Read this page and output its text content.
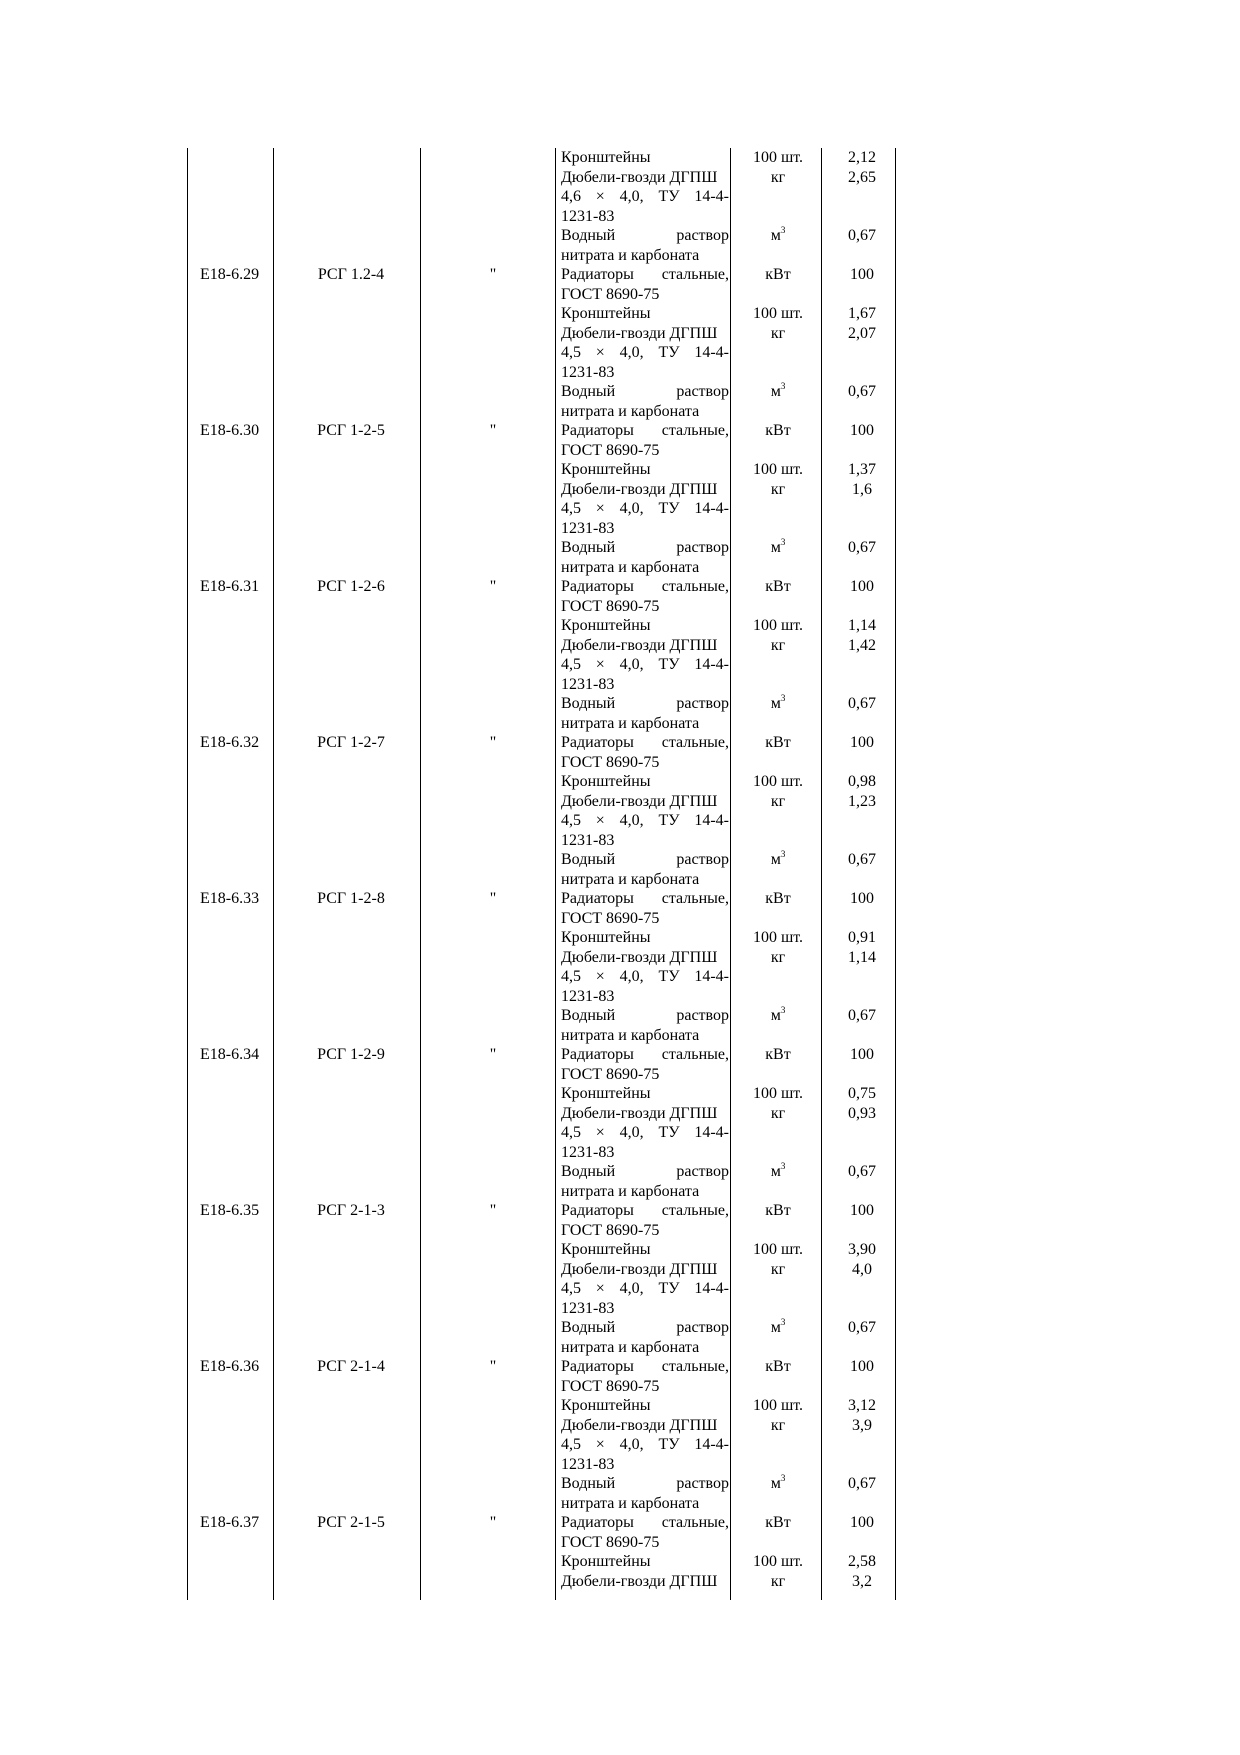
Кронштейны	100 шт.	2,12
Дюбели-гвозди ДГПШ	кг	2,65
4,6 × 4,0, ТУ 14-4-
1231-83
Водный раствор	$м^3$	0,67
нитрата и карбоната
Е18-6.29	РСГ 1.2-4	"	Радиаторы стальные,	кВт	100
ГОСТ 8690-75
Кронштейны	100 шт.	1,67
Дюбели-гвозди ДГПШ	кг	2,07
4,5 × 4,0, ТУ 14-4-
1231-83
Водный раствор	$м^3$	0,67
нитрата и карбоната
Е18-6.30	РСГ 1-2-5	"	Радиаторы стальные,	кВт	100
ГОСТ 8690-75
Кронштейны	100 шт.	1,37
Дюбели-гвозди ДГПШ	кг	1,6
4,5 × 4,0, ТУ 14-4-
1231-83
Водный раствор	$м^3$	0,67
нитрата и карбоната
Е18-6.31	РСГ 1-2-6	"	Радиаторы стальные,	кВт	100
ГОСТ 8690-75
Кронштейны	100 шт.	1,14
Дюбели-гвозди ДГПШ	кг	1,42
4,5 × 4,0, ТУ 14-4-
1231-83
Водный раствор	$м^3$	0,67
нитрата и карбоната
Е18-6.32	РСГ 1-2-7	"	Радиаторы стальные,	кВт	100
ГОСТ 8690-75
Кронштейны	100 шт.	0,98
Дюбели-гвозди ДГПШ	кг	1,23
4,5 × 4,0, ТУ 14-4-
1231-83
Водный раствор	$м^3$	0,67
нитрата и карбоната
Е18-6.33	РСГ 1-2-8	"	Радиаторы стальные,	кВт	100
ГОСТ 8690-75
Кронштейны	100 шт.	0,91
Дюбели-гвозди ДГПШ	кг	1,14
4,5 × 4,0, ТУ 14-4-
1231-83
Водный раствор	$м^3$	0,67
нитрата и карбоната
Е18-6.34	РСГ 1-2-9	"	Радиаторы стальные,	кВт	100
ГОСТ 8690-75
Кронштейны	100 шт.	0,75
Дюбели-гвозди ДГПШ	кг	0,93
4,5 × 4,0, ТУ 14-4-
1231-83
Водный раствор	$м^3$	0,67
нитрата и карбоната
Е18-6.35	РСГ 2-1-3	"	Радиаторы стальные,	кВт	100
ГОСТ 8690-75
Кронштейны	100 шт.	3,90
Дюбели-гвозди ДГПШ	кг	4,0
4,5 × 4,0, ТУ 14-4-
1231-83
Водный раствор	$м^3$	0,67
нитрата и карбоната
Е18-6.36	РСГ 2-1-4	"	Радиаторы стальные,	кВт	100
ГОСТ 8690-75
Кронштейны	100 шт.	3,12
Дюбели-гвозди ДГПШ	кг	3,9
4,5 × 4,0, ТУ 14-4-
1231-83
Водный раствор	$м^3$	0,67
нитрата и карбоната
Е18-6.37	РСГ 2-1-5	"	Радиаторы стальные,	кВт	100
ГОСТ 8690-75
Кронштейны	100 шт.	2,58
Дюбели-гвозди ДГПШ	кг	3,2
